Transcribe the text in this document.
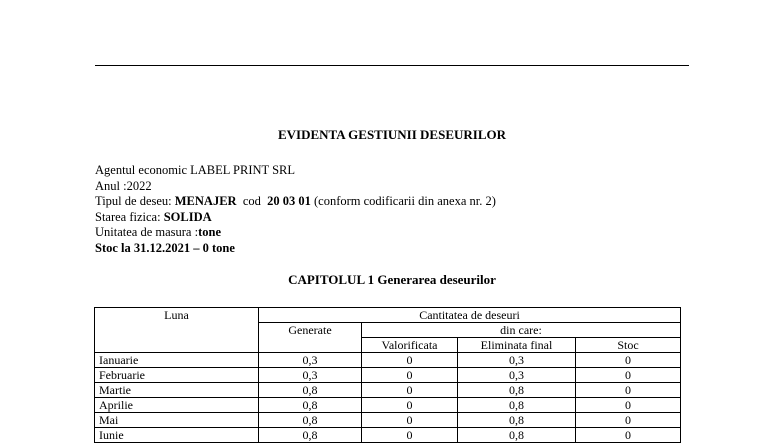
EVIDENTA GESTIUNII DESEURILOR
Agentul economic LABEL PRINT SRL
Anul :2022
Tipul de deseu: MENAJER cod 20 03 01 (conform codificarii din anexa nr. 2)
Starea fizica: SOLIDA
Unitatea de masura :tone
Stoc la 31.12.2021 – 0 tone
CAPITOLUL 1 Generarea deseurilor
Luna	Cantitatea de deseuri			
	Generate	din care:		
		Valorificata	Eliminata final	Stoc
Ianuarie	0,3	0	0,3	0
Februarie	0,3	0	0,3	0
Martie	0,8	0	0,8	0
Aprilie	0,8	0	0,8	0
Mai	0,8	0	0,8	0
Iunie	0,8	0	0,8	0
